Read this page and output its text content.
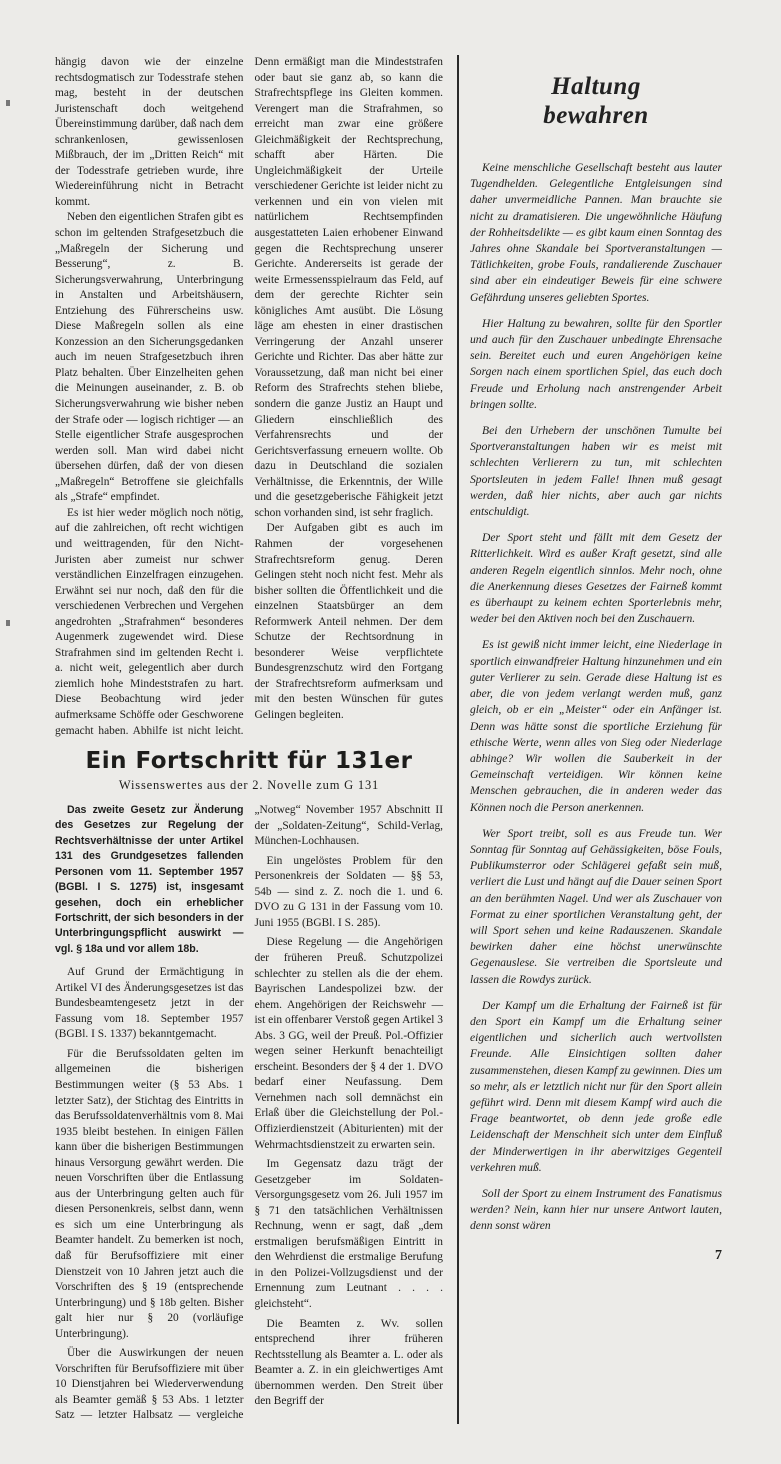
hängig davon wie der einzelne rechtsdogmatisch zur Todesstrafe stehen mag, besteht in der deutschen Juristenschaft doch weitgehend Übereinstimmung darüber, daß nach dem schrankenlosen, gewissenlosen Mißbrauch, der im „Dritten Reich“ mit der Todesstrafe getrieben wurde, ihre Wiedereinführung nicht in Betracht kommt.

Neben den eigentlichen Strafen gibt es schon im geltenden Strafgesetzbuch die „Maßregeln der Sicherung und Besserung“, z. B. Sicherungsverwahrung, Unterbringung in Anstalten und Arbeitshäusern, Entziehung des Führerscheins usw. Diese Maßregeln sollen als eine Konzession an den Sicherungsgedanken auch im neuen Strafgesetzbuch ihren Platz behalten. Über Einzelheiten gehen die Meinungen auseinander, z. B. ob Sicherungsverwahrung wie bisher neben der Strafe oder — logisch richtiger — an Stelle eigentlicher Strafe ausgesprochen werden soll. Man wird dabei nicht übersehen dürfen, daß der von diesen „Maßregeln“ Betroffene sie gleichfalls als „Strafe“ empfindet.

Es ist hier weder möglich noch nötig, auf die zahlreichen, oft recht wichtigen und weittragenden, für den Nicht-Juristen aber zumeist nur schwer verständlichen Einzelfragen einzugehen. Erwähnt sei nur noch, daß den für die verschiedenen Verbrechen und Vergehen angedrohten „Strafrahmen“ besonderes Augenmerk zugewendet wird. Diese Strafrahmen sind im geltenden Recht i. a. nicht weit, gelegentlich aber durch ziemlich hohe Mindeststrafen zu hart. Diese Beobachtung wird jeder aufmerksame Schöffe oder Geschworene gemacht haben. Abhilfe ist nicht leicht. Denn ermäßigt man die Mindeststrafen oder baut sie ganz ab, so kann die Strafrechtspflege ins Gleiten kommen. Verengert man die Strafrahmen, so erreicht man zwar eine größere Gleichmäßigkeit der Rechtsprechung, schafft aber Härten. Die Ungleichmäßigkeit der Urteile verschiedener Gerichte ist leider nicht zu verkennen und ein von vielen mit natürlichem Rechtsempfinden ausgestatteten Laien erhobener Einwand gegen die Rechtsprechung unserer Gerichte. Andererseits ist gerade der weite Ermessensspielraum das Feld, auf dem der gerechte Richter sein königliches Amt ausübt. Die Lösung läge am ehesten in einer drastischen Verringerung der Anzahl unserer Gerichte und Richter. Das aber hätte zur Voraussetzung, daß man nicht bei einer Reform des Strafrechts stehen bliebe, sondern die ganze Justiz an Haupt und Gliedern einschließlich des Verfahrensrechts und der Gerichtsverfassung erneuern wollte. Ob dazu in Deutschland die sozialen Verhältnisse, die Erkenntnis, der Wille und die gesetzgeberische Fähigkeit jetzt schon vorhanden sind, ist sehr fraglich.

Der Aufgaben gibt es auch im Rahmen der vorgesehenen Strafrechtsreform genug. Deren Gelingen steht noch nicht fest. Mehr als bisher sollten die Öffentlichkeit und die einzelnen Staatsbürger an dem Reformwerk Anteil nehmen. Der dem Schutze der Rechtsordnung in besonderer Weise verpflichtete Bundesgrenzschutz wird den Fortgang der Strafrechtsreform aufmerksam und mit den besten Wünschen für gutes Gelingen begleiten.

Ein Fortschritt für 131er
Wissenswertes aus der 2. Novelle zum G 131

Das zweite Gesetz zur Änderung des Gesetzes zur Regelung der Rechtsverhältnisse der unter Artikel 131 des Grundgesetzes fallenden Personen vom 11. September 1957 (BGBl. I S. 1275) ist, insgesamt gesehen, doch ein erheblicher Fortschritt, der sich besonders in der Unterbringungspflicht auswirkt — vgl. § 18a und vor allem 18b.

Auf Grund der Ermächtigung in Artikel VI des Änderungsgesetzes ist das Bundesbeamtengesetz jetzt in der Fassung vom 18. September 1957 (BGBl. I S. 1337) bekanntgemacht.

Für die Berufssoldaten gelten im allgemeinen die bisherigen Bestimmungen weiter (§ 53 Abs. 1 letzter Satz), der Stichtag des Eintritts in das Berufssoldatenverhältnis vom 8. Mai 1935 bleibt bestehen. In einigen Fällen kann über die bisherigen Bestimmungen hinaus Versorgung gewährt werden. Die neuen Vorschriften über die Entlassung aus der Unterbringung gelten auch für diesen Personenkreis, selbst dann, wenn es sich um eine Unterbringung als Beamter handelt. Zu bemerken ist noch, daß für Berufsoffiziere mit einer Dienstzeit von 10 Jahren jetzt auch die Vorschriften des § 19 (entsprechende Unterbringung) und § 18b gelten. Bisher galt hier nur § 20 (vorläufige Unterbringung).

Über die Auswirkungen der neuen Vorschriften für Berufsoffiziere mit über 10 Dienstjahren bei Wiederverwendung als Beamter gemäß § 53 Abs. 1 letzter Satz — letzter Halbsatz — vergleiche „Notweg“ November 1957 Abschnitt II der „Soldaten-Zeitung“, Schild-Verlag, München-Lochhausen.

Ein ungelöstes Problem für den Personenkreis der Soldaten — §§ 53, 54b — sind z. Z. noch die 1. und 6. DVO zu G 131 in der Fassung vom 10. Juni 1955 (BGBl. I S. 285).

Diese Regelung — die Angehörigen der früheren Preuß. Schutzpolizei schlechter zu stellen als die der ehem. Bayrischen Landespolizei bzw. der ehem. Angehörigen der Reichswehr — ist ein offenbarer Verstoß gegen Artikel 3 Abs. 3 GG, weil der Preuß. Pol.-Offizier wegen seiner Herkunft benachteiligt erscheint. Besonders der § 4 der 1. DVO bedarf einer Neufassung. Dem Vernehmen nach soll demnächst ein Erlaß über die Gleichstellung der Pol.-Offizierdienstzeit (Abiturienten) mit der Wehrmachtsdienstzeit zu erwarten sein.

Im Gegensatz dazu trägt der Gesetzgeber im Soldaten-Versorgungsgesetz vom 26. Juli 1957 im § 71 den tatsächlichen Verhältnissen Rechnung, wenn er sagt, daß „dem erstmaligen berufsmäßigen Eintritt in den Wehrdienst die erstmalige Berufung in den Polizei-Vollzugsdienst und der Ernennung zum Leutnant . . . . gleichsteht“.

Die Beamten z. Wv. sollen entsprechend ihrer früheren Rechtsstellung als Beamter a. L. oder als Beamter a. Z. in ein gleichwertiges Amt übernommen werden. Den Streit über den Begriff der

Haltung
bewahren

Keine menschliche Gesellschaft besteht aus lauter Tugendhelden. Gelegentliche Entgleisungen sind daher unvermeidliche Pannen. Man brauchte sie nicht zu dramatisieren. Die ungewöhnliche Häufung der Rohheitsdelikte — es gibt kaum einen Sonntag des Jahres ohne Skandale bei Sportveranstaltungen — Tätlichkeiten, grobe Fouls, randalierende Zuschauer sind aber ein eindeutiger Beweis für eine schwere Gefährdung unseres geliebten Sportes.

Hier Haltung zu bewahren, sollte für den Sportler und auch für den Zuschauer unbedingte Ehrensache sein. Bereitet euch und euren Angehörigen keine Sorgen nach einem sportlichen Spiel, das euch doch Freude und Erholung nach anstrengender Arbeit bringen sollte.

Bei den Urhebern der unschönen Tumulte bei Sportveranstaltungen haben wir es meist mit schlechten Verlierern zu tun, mit schlechten Sportsleuten in jedem Falle! Ihnen muß gesagt werden, daß hier nichts, aber auch gar nichts entschuldigt.

Der Sport steht und fällt mit dem Gesetz der Ritterlichkeit. Wird es außer Kraft gesetzt, sind alle anderen Regeln eigentlich sinnlos. Mehr noch, ohne die Anerkennung dieses Gesetzes der Fairneß kommt es überhaupt zu keinem echten Sporterlebnis mehr, weder bei den Aktiven noch bei den Zuschauern.

Es ist gewiß nicht immer leicht, eine Niederlage in sportlich einwandfreier Haltung hinzunehmen und ein guter Verlierer zu sein. Gerade diese Haltung ist es aber, die von jedem verlangt werden muß, ganz gleich, ob er ein „Meister“ oder ein Anfänger ist. Denn was hätte sonst die sportliche Erziehung für ethische Werte, wenn alles von Sieg oder Niederlage abhinge? Wir wollen die Sauberkeit in der Gemeinschaft verteidigen. Wir können keine Menschen gebrauchen, die in anderen weder das Können noch die Person anerkennen.

Wer Sport treibt, soll es aus Freude tun. Wer Sonntag für Sonntag auf Gehässigkeiten, böse Fouls, Publikumsterror oder Schlägerei gefaßt sein muß, verliert die Lust und hängt auf die Dauer seinen Sport an den berühmten Nagel. Und wer als Zuschauer von Format zu einer sportlichen Veranstaltung geht, der will Sport sehen und keine Radauszenen. Skandale bewirken daher eine höchst unerwünschte Gegenauslese. Sie vertreiben die Sportsleute und lassen die Rowdys zurück.

Der Kampf um die Erhaltung der Fairneß ist für den Sport ein Kampf um die Erhaltung seiner eigentlichen und sicherlich auch wertvollsten Freunde. Alle Einsichtigen sollten daher zusammenstehen, diesen Kampf zu gewinnen. Dies um so mehr, als er letztlich nicht nur für den Sport allein geführt wird. Denn mit diesem Kampf wird auch die Frage beantwortet, ob denn jede große edle Leidenschaft der Menschheit sich unter dem Einfluß der Minderwertigen in ihr aberwitziges Gegenteil verkehren muß.

Soll der Sport zu einem Instrument des Fanatismus werden? Nein, kann hier nur unsere Antwort lauten, denn sonst wären

7
